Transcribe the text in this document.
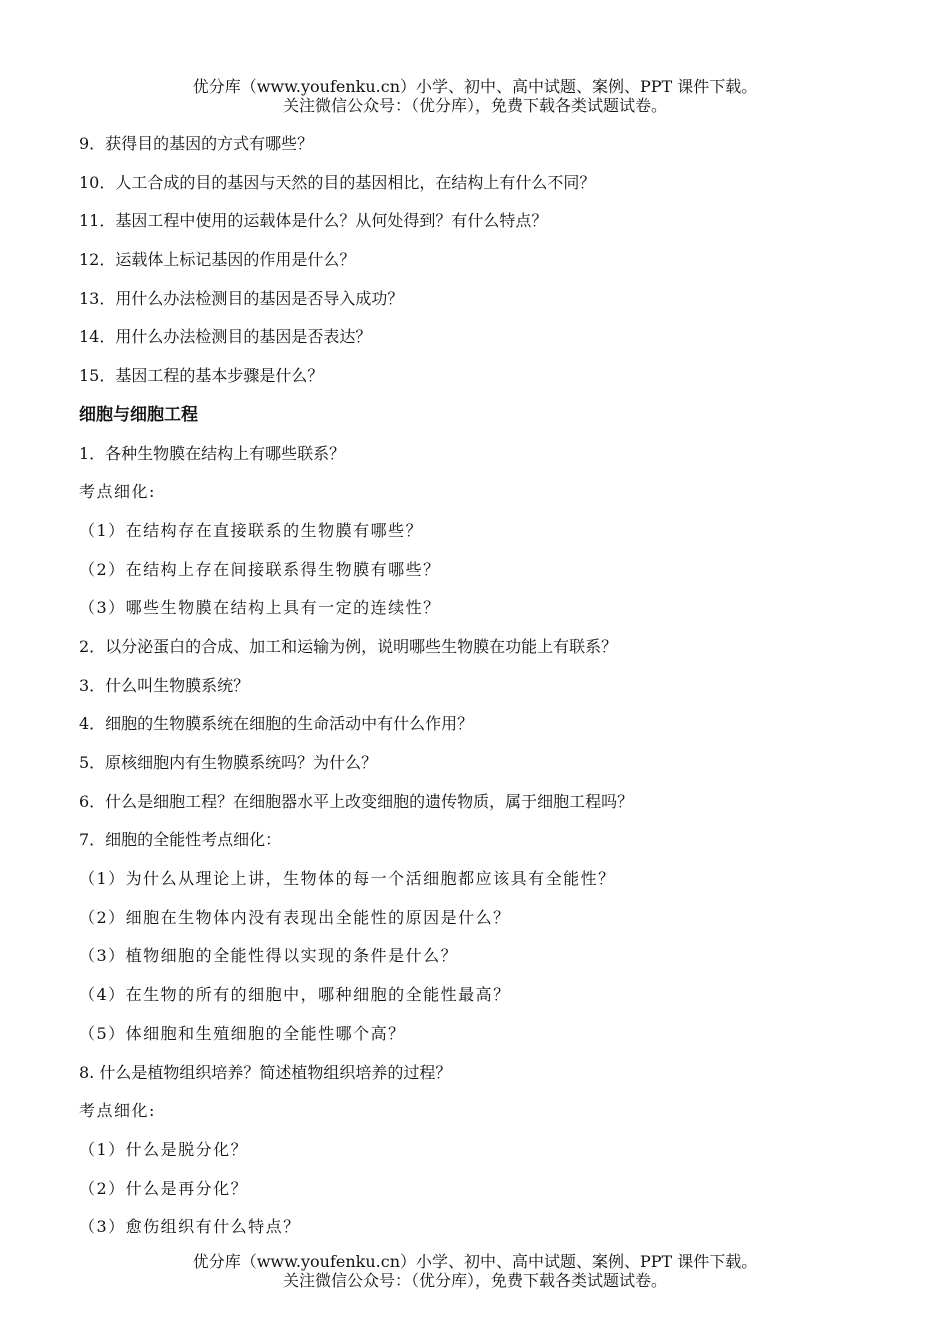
优分库（www.youfenku.cn）小学、初中、高中试题、案例、PPT 课件下载。
关注微信公众号：（优分库），免费下载各类试题试卷。
9．获得目的基因的方式有哪些？
10．人工合成的目的基因与天然的目的基因相比，在结构上有什么不同？
11．基因工程中使用的运载体是什么？从何处得到？有什么特点？
12．运载体上标记基因的作用是什么？
13．用什么办法检测目的基因是否导入成功？
14．用什么办法检测目的基因是否表达？
15．基因工程的基本步骤是什么？
细胞与细胞工程
1．各种生物膜在结构上有哪些联系？
考点细化:
（1）在结构存在直接联系的生物膜有哪些？
（2）在结构上存在间接联系得生物膜有哪些？
（3）哪些生物膜在结构上具有一定的连续性？
2．以分泌蛋白的合成、加工和运输为例，说明哪些生物膜在功能上有联系？
3．什么叫生物膜系统？
4．细胞的生物膜系统在细胞的生命活动中有什么作用？
5．原核细胞内有生物膜系统吗？为什么？
6．什么是细胞工程？在细胞器水平上改变细胞的遗传物质，属于细胞工程吗？
7．细胞的全能性考点细化：
（1）为什么从理论上讲，生物体的每一个活细胞都应该具有全能性？
（2）细胞在生物体内没有表现出全能性的原因是什么？
（3）植物细胞的全能性得以实现的条件是什么？
（4）在生物的所有的细胞中，哪种细胞的全能性最高？
（5）体细胞和生殖细胞的全能性哪个高？
8. 什么是植物组织培养？简述植物组织培养的过程？
考点细化:
（1）什么是脱分化？
（2）什么是再分化？
（3）愈伤组织有什么特点？
优分库（www.youfenku.cn）小学、初中、高中试题、案例、PPT 课件下载。
关注微信公众号：（优分库），免费下载各类试题试卷。
